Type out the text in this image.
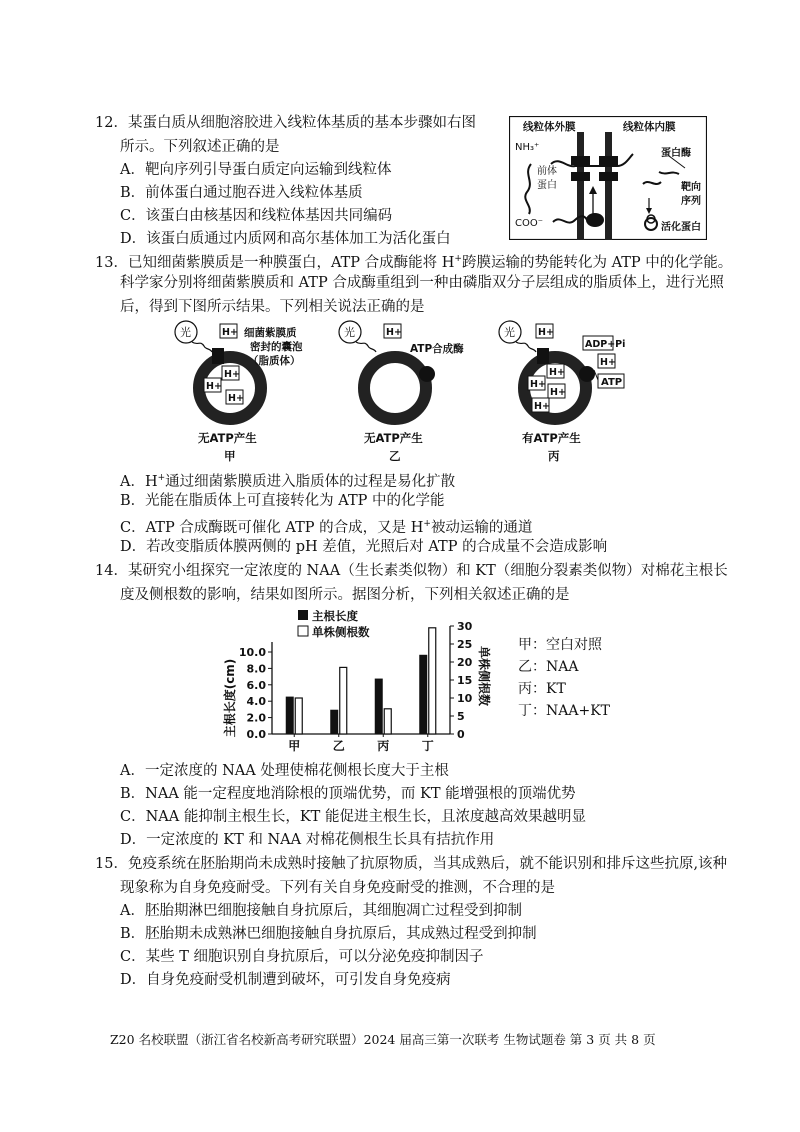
12．某蛋白质从细胞溶胶进入线粒体基质的基本步骤如右图
所示。下列叙述正确的是
A．靶向序列引导蛋白质定向运输到线粒体
B．前体蛋白通过胞吞进入线粒体基质
C．该蛋白由核基因和线粒体基因共同编码
D．该蛋白质通过内质网和高尔基体加工为活化蛋白
线粒体外膜	线粒体内膜
NH₃⁺
前体
蛋白
COO⁻
蛋白酶
靶向
序列
活化蛋白
13．已知细菌紫膜质是一种膜蛋白，ATP 合成酶能将 H+跨膜运输的势能转化为 ATP 中的化学能。
科学家分别将细菌紫膜质和 ATP 合成酶重组到一种由磷脂双分子层组成的脂质体上，进行光照
后，得到下图所示结果。下列相关说法正确的是
光	H+
H+
H+
H+
细菌紫膜质
密封的囊泡
（脂质体）
无ATP产生
甲
光	H+
ATP合成酶
无ATP产生
乙
光 H+
H+
H+
H+
H+
ADP+Pi
H+
ATP
有ATP产生
丙
A．H+通过细菌紫膜质进入脂质体的过程是易化扩散
B．光能在脂质体上可直接转化为 ATP 中的化学能
C．ATP 合成酶既可催化 ATP 的合成，又是 H+被动运输的通道
D．若改变脂质体膜两侧的 pH 差值，光照后对 ATP 的合成量不会造成影响
14．某研究小组探究一定浓度的 NAA（生长素类似物）和 KT（细胞分裂素类似物）对棉花主根长
度及侧根数的影响，结果如图所示。据图分析，下列相关叙述正确的是
主根长度
单株侧根数
主根长度(cm)	单株侧根数
0.0
2.0
4.0
6.0
8.0
10.0
0
5
10
15
20
25
30
甲	乙	丙	丁
甲：空白对照
乙：NAA
丙：KT
丁：NAA+KT
A．一定浓度的 NAA 处理使棉花侧根长度大于主根
B．NAA 能一定程度地消除根的顶端优势，而 KT 能增强根的顶端优势
C．NAA 能抑制主根生长，KT 能促进主根生长，且浓度越高效果越明显
D．一定浓度的 KT 和 NAA 对棉花侧根生长具有拮抗作用
15．免疫系统在胚胎期尚未成熟时接触了抗原物质，当其成熟后，就不能识别和排斥这些抗原,该种
现象称为自身免疫耐受。下列有关自身免疫耐受的推测，不合理的是
A．胚胎期淋巴细胞接触自身抗原后，其细胞凋亡过程受到抑制
B．胚胎期未成熟淋巴细胞接触自身抗原后，其成熟过程受到抑制
C．某些 T 细胞识别自身抗原后，可以分泌免疫抑制因子
D．自身免疫耐受机制遭到破坏，可引发自身免疫病
Z20 名校联盟（浙江省名校新高考研究联盟）2024 届高三第一次联考 生物试题卷 第 3 页 共 8 页
